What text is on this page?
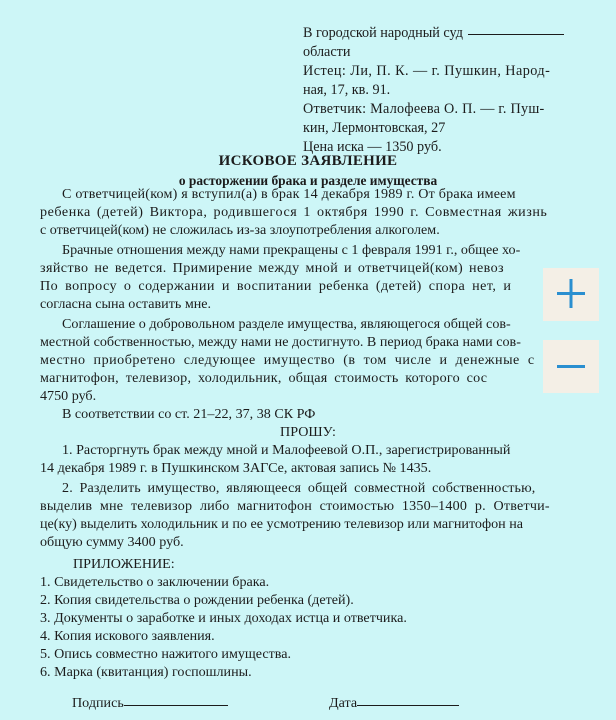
В городской народный суд
области
Истец: Ли, П. К. — г. Пушкин, Народ-
ная, 17, кв. 91.
Ответчик: Малофеева О. П. — г. Пуш-
кин, Лермонтовская, 27
Цена иска — 1350 руб.
ИСКОВОЕ ЗАЯВЛЕНИЕ
о расторжении брака и разделе имущества
С ответчицей(ком) я вступил(а) в брак 14 декабря 1989 г. От брака имеем
ребенка (детей) Виктора, родившегося 1 октября 1990 г. Совместная жизнь
с ответчицей(ком) не сложилась из-за злоупотребления алкоголем.
Брачные отношения между нами прекращены с 1 февраля 1991 г., общее хо-
зяйство не ведется. Примирение между мной и ответчицей(ком) невоз
По вопросу о содержании и воспитании ребенка (детей) спора нет, и
согласна сына оставить мне.
Соглашение о добровольном разделе имущества, являющегося общей сов-
местной собственностью, между нами не достигнуто. В период брака нами сов-
местно приобретено следующее имущество (в том числе и денежные с
магнитофон, телевизор, холодильник, общая стоимость которого сос
4750 руб.
В соответствии со ст. 21–22, 37, 38 СК РФ
ПРОШУ:
1. Расторгнуть брак между мной и Малофеевой О.П., зарегистрированный
14 декабря 1989 г. в Пушкинском ЗАГСе, актовая запись № 1435.
2. Разделить имущество, являющееся общей совместной собственностью,
выделив мне телевизор либо магнитофон стоимостью 1350–1400 р. Ответчи-
це(ку) выделить холодильник и по ее усмотрению телевизор или магнитофон на
общую сумму 3400 руб.
ПРИЛОЖЕНИЕ:
1. Свидетельство о заключении брака.
2. Копия свидетельства о рождении ребенка (детей).
3. Документы о заработке и иных доходах истца и ответчика.
4. Копия искового заявления.
5. Опись совместно нажитого имущества.
6. Марка (квитанция) госпошлины.
Подпись	Дата
